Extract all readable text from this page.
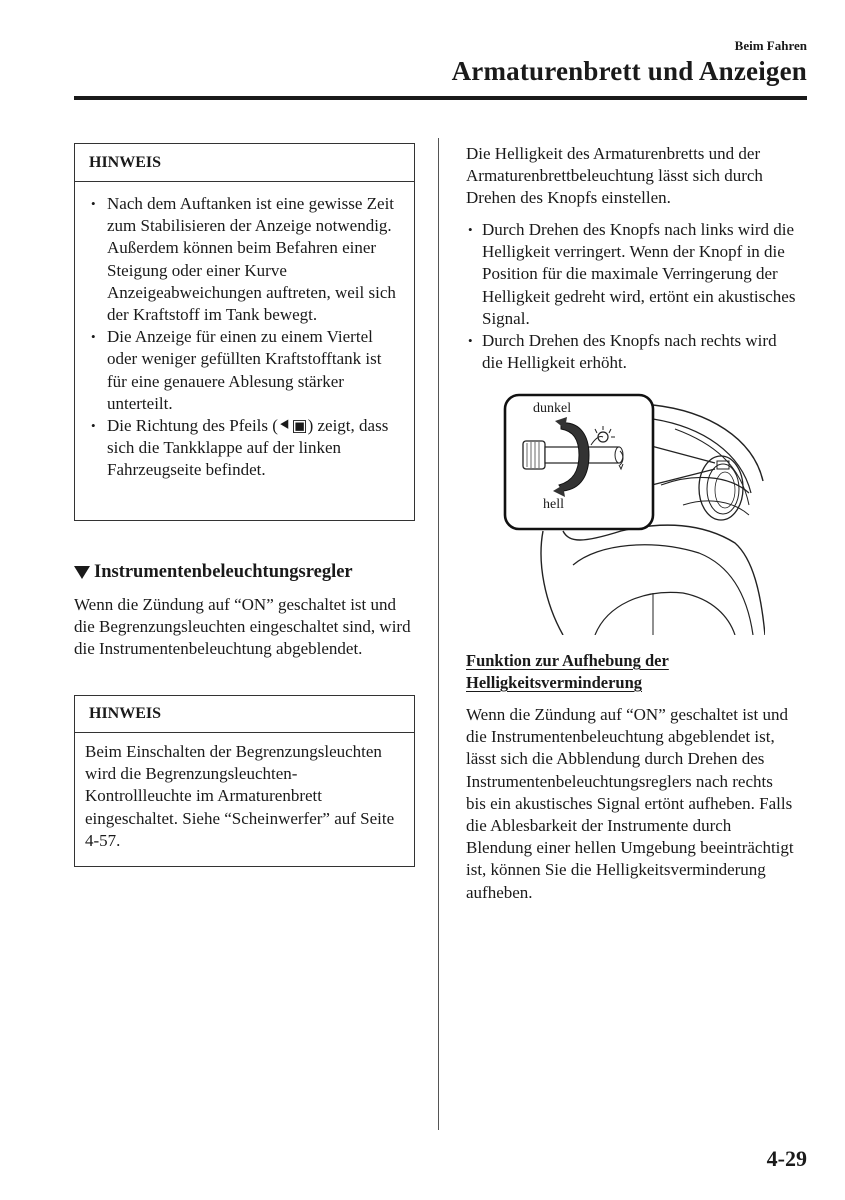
Beim Fahren
Armaturenbrett und Anzeigen
HINWEIS
• Nach dem Auftanken ist eine gewisse Zeit zum Stabilisieren der Anzeige notwendig. Außerdem können beim Befahren einer Steigung oder einer Kurve Anzeigeabweichungen auftreten, weil sich der Kraftstoff im Tank bewegt.
• Die Anzeige für einen zu einem Viertel oder weniger gefüllten Kraftstofftank ist für eine genauere Ablesung stärker unterteilt.
• Die Richtung des Pfeils (⯇▣) zeigt, dass sich die Tankklappe auf der linken Fahrzeugseite befindet.
Instrumentenbeleuchtungsregler
Wenn die Zündung auf “ON” geschaltet ist und die Begrenzungsleuchten eingeschaltet sind, wird die Instrumentenbeleuchtung abgeblendet.
HINWEIS
Beim Einschalten der Begrenzungsleuchten wird die Begrenzungsleuchten-Kontrollleuchte im Armaturenbrett eingeschaltet. Siehe “Scheinwerfer” auf Seite 4-57.
Die Helligkeit des Armaturenbretts und der Armaturenbrettbeleuchtung lässt sich durch Drehen des Knopfs einstellen.
• Durch Drehen des Knopfs nach links wird die Helligkeit verringert. Wenn der Knopf in die Position für die maximale Verringerung der Helligkeit gedreht wird, ertönt ein akustisches Signal.
• Durch Drehen des Knopfs nach rechts wird die Helligkeit erhöht.
dunkel
hell
Funktion zur Aufhebung der
Helligkeitsverminderung
Wenn die Zündung auf “ON” geschaltet ist und die Instrumentenbeleuchtung abgeblendet ist, lässt sich die Abblendung durch Drehen des Instrumentenbeleuchtungsreglers nach rechts bis ein akustisches Signal ertönt aufheben. Falls die Ablesbarkeit der Instrumente durch Blendung einer hellen Umgebung beeinträchtigt ist, können Sie die Helligkeitsverminderung aufheben.
4-29
